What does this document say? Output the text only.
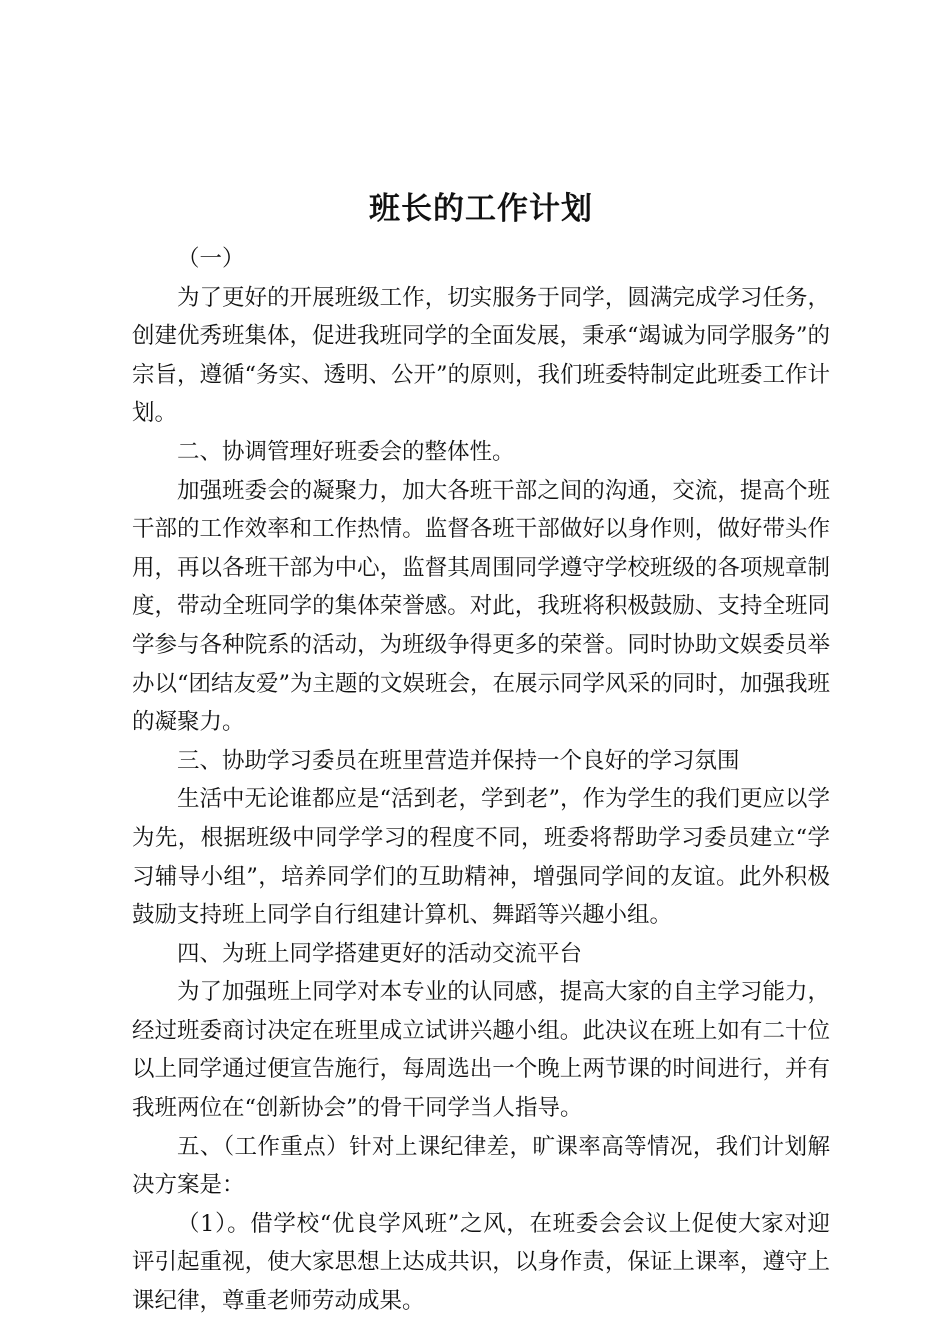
班长的工作计划

（一）

为了更好的开展班级工作，切实服务于同学，圆满完成学习任务，创建优秀班集体，促进我班同学的全面发展，秉承“竭诚为同学服务”的宗旨，遵循“务实、透明、公开”的原则，我们班委特制定此班委工作计划。

二、协调管理好班委会的整体性。

加强班委会的凝聚力，加大各班干部之间的沟通，交流，提高个班干部的工作效率和工作热情。监督各班干部做好以身作则，做好带头作用，再以各班干部为中心，监督其周围同学遵守学校班级的各项规章制度，带动全班同学的集体荣誉感。对此，我班将积极鼓励、支持全班同学参与各种院系的活动，为班级争得更多的荣誉。同时协助文娱委员举办以“团结友爱”为主题的文娱班会，在展示同学风采的同时，加强我班的凝聚力。

三、协助学习委员在班里营造并保持一个良好的学习氛围

生活中无论谁都应是“活到老，学到老”，作为学生的我们更应以学为先，根据班级中同学学习的程度不同，班委将帮助学习委员建立“学习辅导小组”，培养同学们的互助精神，增强同学间的友谊。此外积极鼓励支持班上同学自行组建计算机、舞蹈等兴趣小组。

四、为班上同学搭建更好的活动交流平台

为了加强班上同学对本专业的认同感，提高大家的自主学习能力，经过班委商讨决定在班里成立试讲兴趣小组。此决议在班上如有二十位以上同学通过便宣告施行，每周选出一个晚上两节课的时间进行，并有我班两位在“创新协会”的骨干同学当人指导。

五、（工作重点）针对上课纪律差，旷课率高等情况，我们计划解决方案是：

（1）。借学校“优良学风班”之风，在班委会会议上促使大家对迎评引起重视，使大家思想上达成共识，以身作责，保证上课率，遵守上课纪律，尊重老师劳动成果。
